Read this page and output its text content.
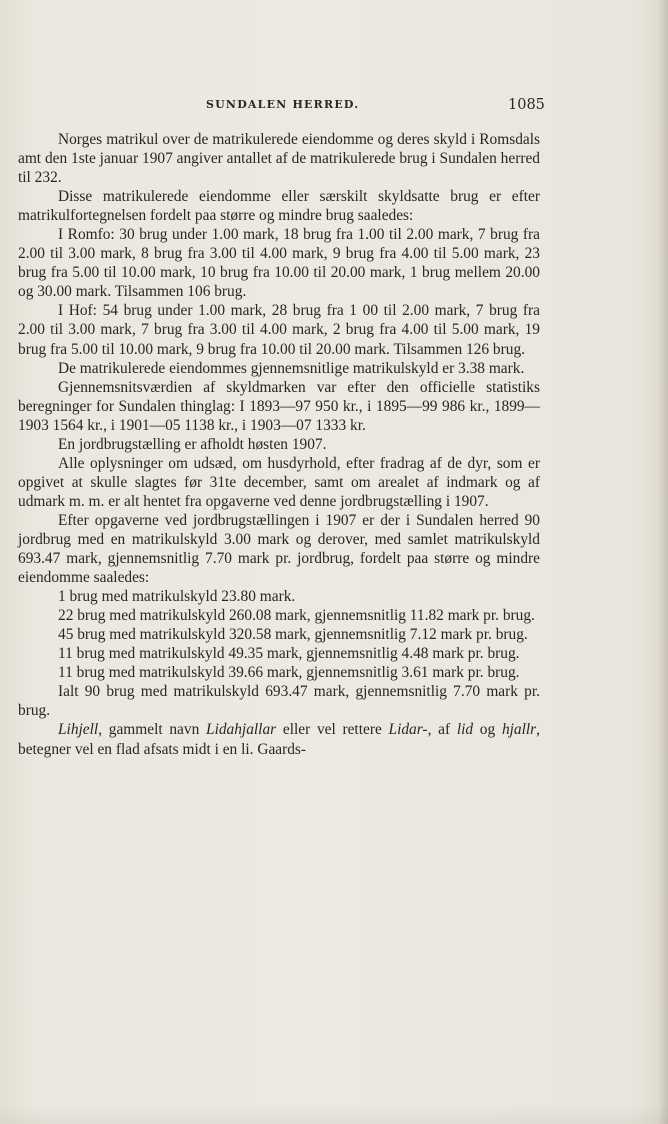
SUNDALEN HERRED.	1085

Norges matrikul over de matrikulerede eiendomme og deres skyld i Romsdals amt den 1ste januar 1907 angiver antallet af de matrikulerede brug i Sundalen herred til 232.

Disse matrikulerede eiendomme eller særskilt skyldsatte brug er efter matrikulfortegnelsen fordelt paa større og mindre brug saaledes:

I Romfo: 30 brug under 1.00 mark, 18 brug fra 1.00 til 2.00 mark, 7 brug fra 2.00 til 3.00 mark, 8 brug fra 3.00 til 4.00 mark, 9 brug fra 4.00 til 5.00 mark, 23 brug fra 5.00 til 10.00 mark, 10 brug fra 10.00 til 20.00 mark, 1 brug mellem 20.00 og 30.00 mark. Tilsammen 106 brug.

I Hof: 54 brug under 1.00 mark, 28 brug fra 1 00 til 2.00 mark, 7 brug fra 2.00 til 3.00 mark, 7 brug fra 3.00 til 4.00 mark, 2 brug fra 4.00 til 5.00 mark, 19 brug fra 5.00 til 10.00 mark, 9 brug fra 10.00 til 20.00 mark. Tilsammen 126 brug.

De matrikulerede eiendommes gjennemsnitlige matrikulskyld er 3.38 mark.

Gjennemsnitsværdien af skyldmarken var efter den officielle statistiks beregninger for Sundalen thinglag: I 1893—97 950 kr., i 1895—99 986 kr., 1899—1903 1564 kr., i 1901—05 1138 kr., i 1903—07 1333 kr.

En jordbrugstælling er afholdt høsten 1907.

Alle oplysninger om udsæd, om husdyrhold, efter fradrag af de dyr, som er opgivet at skulle slagtes før 31te december, samt om arealet af indmark og af udmark m. m. er alt hentet fra opgaverne ved denne jordbrugstælling i 1907.

Efter opgaverne ved jordbrugstællingen i 1907 er der i Sundalen herred 90 jordbrug med en matrikulskyld 3.00 mark og derover, med samlet matrikulskyld 693.47 mark, gjennemsnitlig 7.70 mark pr. jordbrug, fordelt paa større og mindre eiendomme saaledes:

1 brug med matrikulskyld 23.80 mark.

22 brug med matrikulskyld 260.08 mark, gjennemsnitlig 11.82 mark pr. brug.

45 brug med matrikulskyld 320.58 mark, gjennemsnitlig 7.12 mark pr. brug.

11 brug med matrikulskyld 49.35 mark, gjennemsnitlig 4.48 mark pr. brug.

11 brug med matrikulskyld 39.66 mark, gjennemsnitlig 3.61 mark pr. brug.

Ialt 90 brug med matrikulskyld 693.47 mark, gjennemsnitlig 7.70 mark pr. brug.

Lihjell, gammelt navn Lidahjallar eller vel rettere Lidar-, af lid og hjallr, betegner vel en flad afsats midt i en li. Gaards-
